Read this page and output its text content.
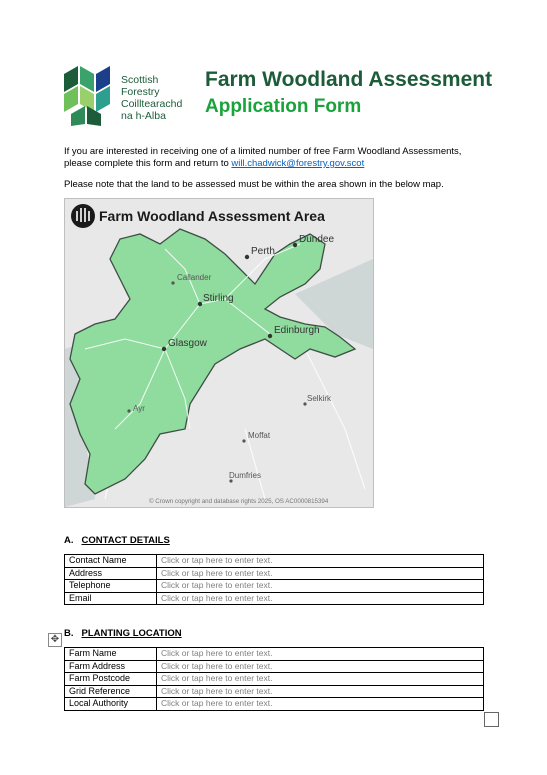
Scottish
Forestry
Coilltearachd
na h-Alba
Farm Woodland Assessment
Application Form
If you are interested in receiving one of a limited number of free Farm Woodland Assessments,
please complete this form and return to will.chadwick@forestry.gov.scot
Please note that the land to be assessed must be within the area shown in the below map.
Farm Woodland Assessment Area
Perth
Dundee
Callander
Stirling
Edinburgh
Glasgow
Selkirk
Ayr
Moffat
Dumfries
© Crown copyright and database rights 2025, OS AC0000815394
A. CONTACT DETAILS
Contact Name	Click or tap here to enter text.
Address	Click or tap here to enter text.
Telephone	Click or tap here to enter text.
Email	Click or tap here to enter text.
✥
B. PLANTING LOCATION
Farm Name	Click or tap here to enter text.
Farm Address	Click or tap here to enter text.
Farm Postcode	Click or tap here to enter text.
Grid Reference	Click or tap here to enter text.
Local Authority	Click or tap here to enter text.
